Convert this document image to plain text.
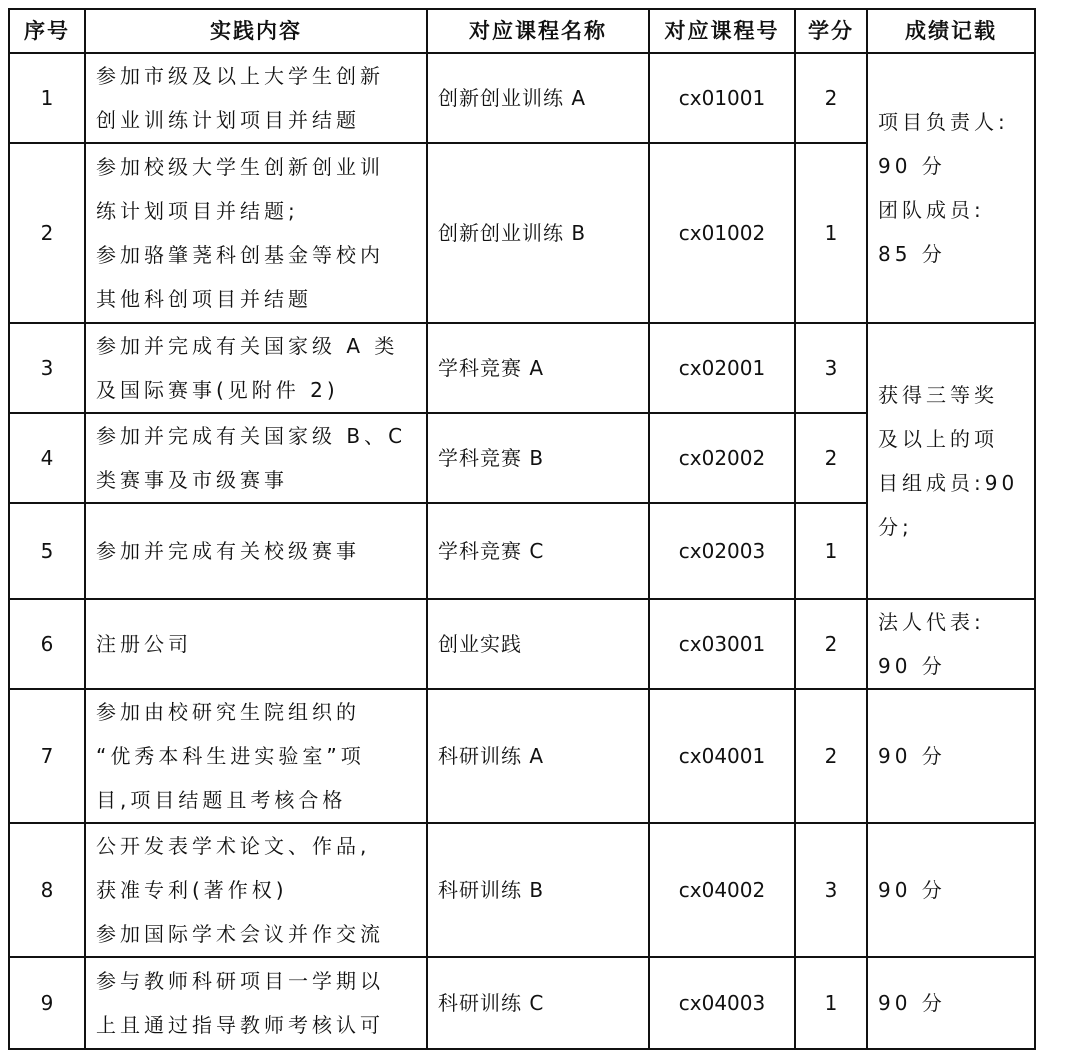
序号	实践内容	对应课程名称	对应课程号	学分	成绩记载
1	参加市级及以上大学生创新
创业训练计划项目并结题	创新创业训练 A	cx01001	2	项目负责人:
90 分
团队成员:
85 分
2	参加校级大学生创新创业训
练计划项目并结题;
参加骆肇荛科创基金等校内
其他科创项目并结题	创新创业训练 B	cx01002	1	
3	参加并完成有关国家级 A 类
及国际赛事(见附件 2)	学科竞赛 A	cx02001	3	获得三等奖
及以上的项
目组成员:90
分;
4	参加并完成有关国家级 B、C
类赛事及市级赛事	学科竞赛 B	cx02002	2	
5	参加并完成有关校级赛事	学科竞赛 C	cx02003	1	
6	注册公司	创业实践	cx03001	2	法人代表:
90 分
7	参加由校研究生院组织的
“优秀本科生进实验室”项
目,项目结题且考核合格	科研训练 A	cx04001	2	90 分
8	公开发表学术论文、作品,
获准专利(著作权)
参加国际学术会议并作交流	科研训练 B	cx04002	3	90 分
9	参与教师科研项目一学期以
上且通过指导教师考核认可	科研训练 C	cx04003	1	90 分
